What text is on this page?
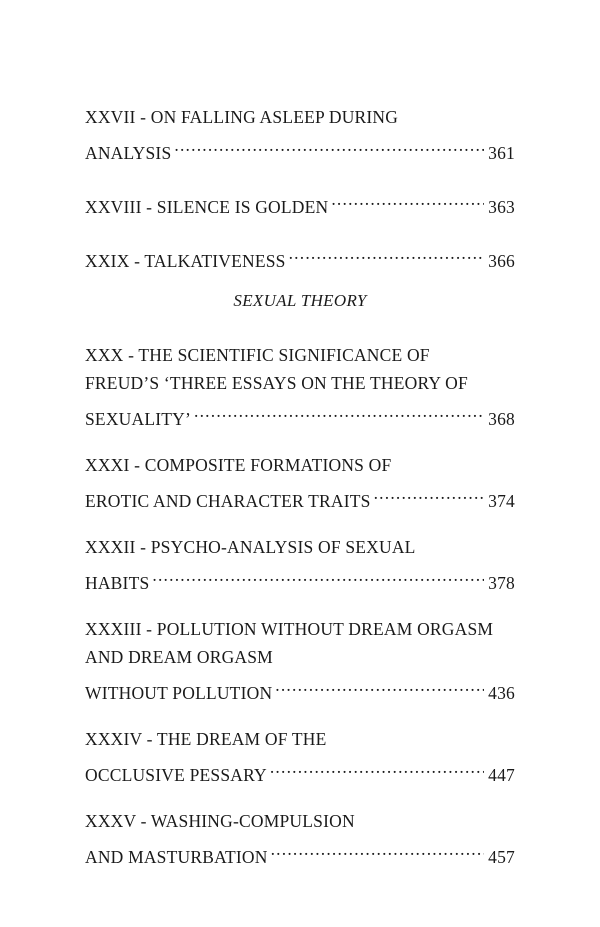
XXVII - ON FALLING ASLEEP DURING
ANALYSIS .....	361
XXVIII - SILENCE IS GOLDEN .....	363
XXIX - TALKATIVENESS .....	366
SEXUAL THEORY
XXX - THE SCIENTIFIC SIGNIFICANCE OF
FREUD’S ‘THREE ESSAYS ON THE THEORY OF
SEXUALITY’ .....	368
XXXI - COMPOSITE FORMATIONS OF
EROTIC AND CHARACTER TRAITS .....	374
XXXII - PSYCHO-ANALYSIS OF SEXUAL
HABITS .....	378
XXXIII - POLLUTION WITHOUT DREAM ORGASM
AND DREAM ORGASM
WITHOUT POLLUTION .....	436
XXXIV - THE DREAM OF THE
OCCLUSIVE PESSARY .....	447
XXXV - WASHING-COMPULSION
AND MASTURBATION .....	457
